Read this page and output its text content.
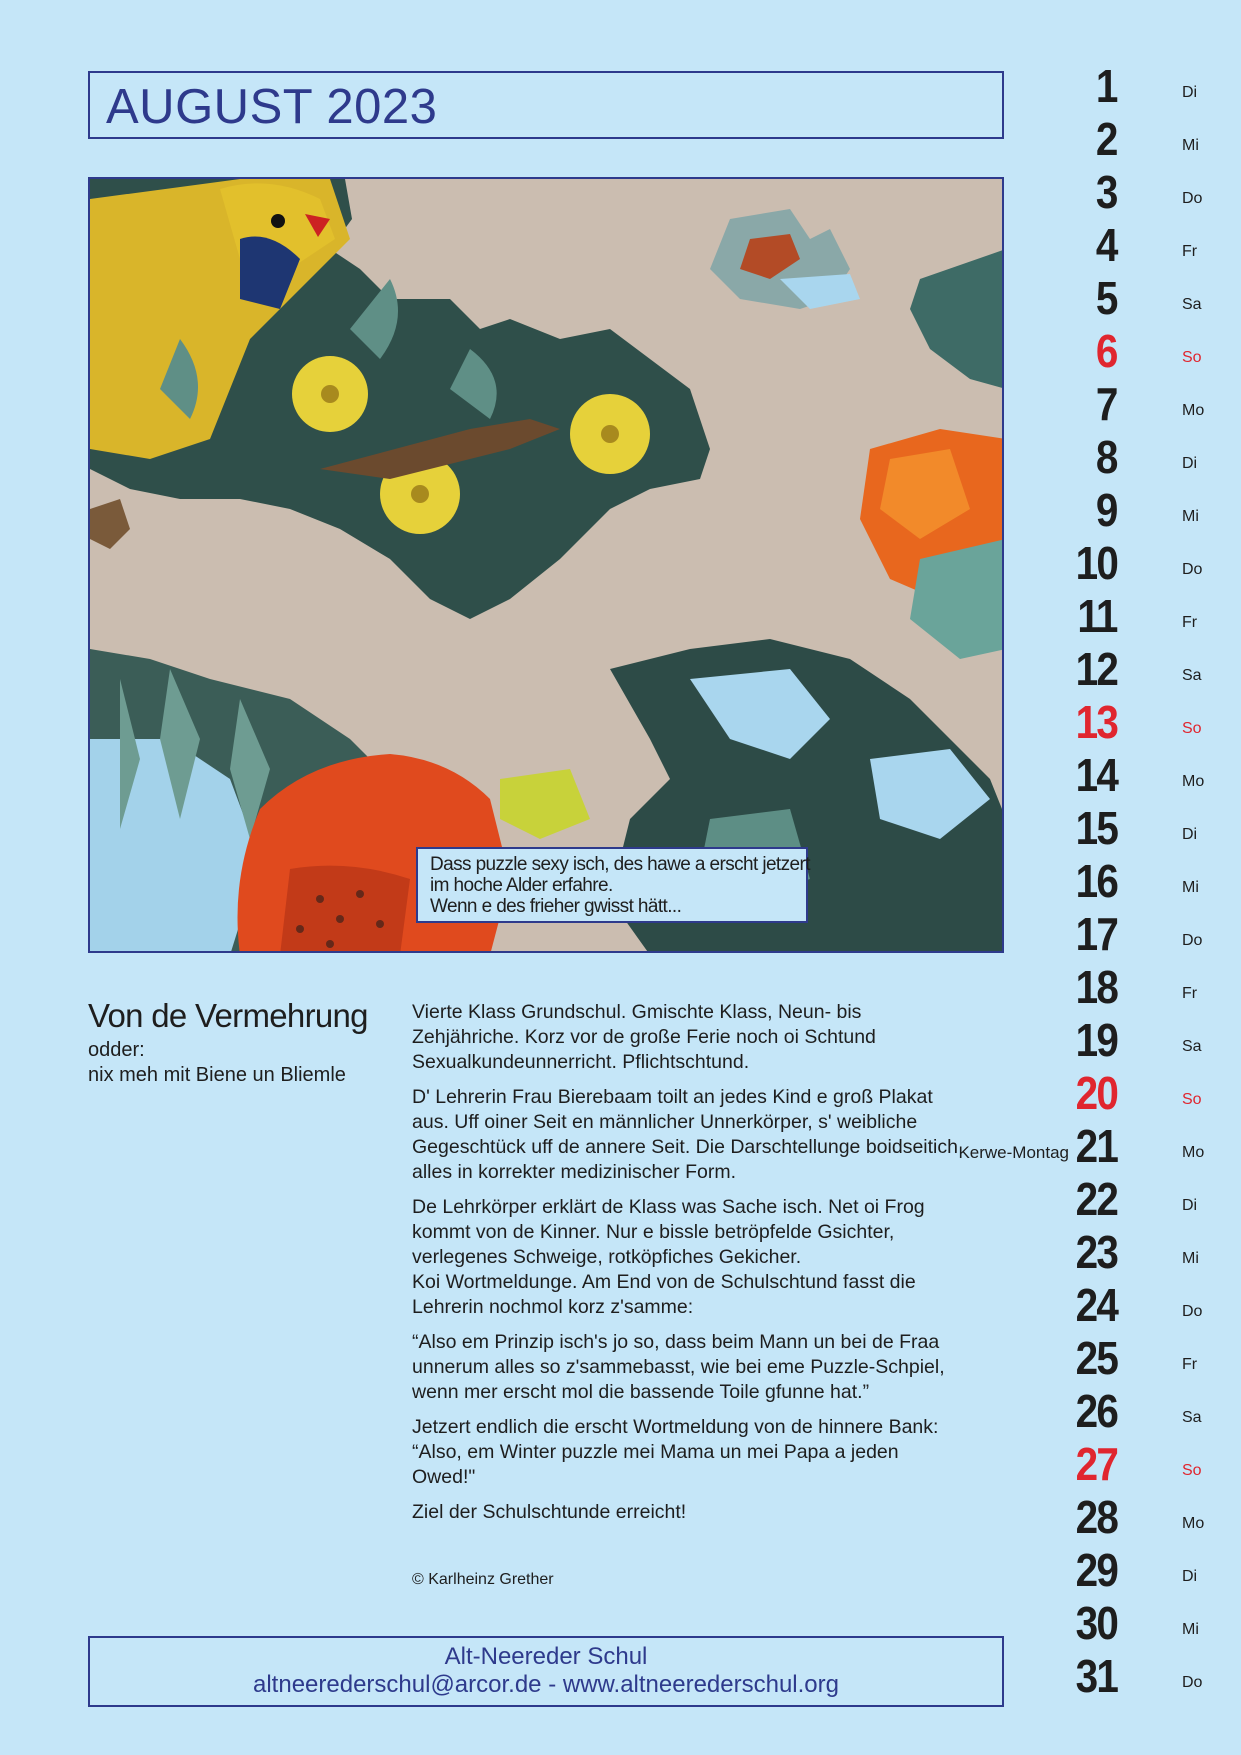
AUGUST 2023
Dass puzzle sexy isch, des hawe a erscht jetzert
im hoche Alder erfahre.
Wenn e des frieher gwisst hätt...
Von de Vermehrung
odder:
nix meh mit Biene un Bliemle

Vierte Klass Grundschul. Gmischte Klass, Neun- bis
Zehjähriche. Korz vor de große Ferie noch oi Schtund
Sexualkundeunnerricht. Pflichtschtund.

D' Lehrerin Frau Bierebaam toilt an jedes Kind e groß Plakat
aus. Uff oiner Seit en männlicher Unnerkörper, s' weibliche
Gegeschtück uff de annere Seit. Die Darschtellunge boidseitich
alles in korrekter medizinischer Form.

De Lehrkörper erklärt de Klass was Sache isch. Net oi Frog
kommt von de Kinner. Nur e bissle betröpfelde Gsichter,
verlegenes Schweige, rotköpfiches Gekicher.
Koi Wortmeldunge. Am End von de Schulschtund fasst die
Lehrerin nochmol korz z'samme:

“Also em Prinzip isch's jo so, dass beim Mann un bei de Fraa
unnerum alles so z'sammebasst, wie bei eme Puzzle-Schpiel,
wenn mer erscht mol die bassende Toile gfunne hat.”

Jetzert endlich die erscht Wortmeldung von de hinnere Bank:
“Also, em Winter puzzle mei Mama un mei Papa a jeden
Owed!"

Ziel der Schulschtunde erreicht!

© Karlheinz Grether
Alt-Neereder Schul
altneerederschul@arcor.de - www.altneerederschul.org
1	Di
2	Mi
3	Do
4	Fr
5	Sa
6	So
7	Mo
8	Di
9	Mi
10	Do
11	Fr
12	Sa
13	So
14	Mo
15	Di
16	Mi
17	Do
18	Fr
19	Sa
20	So
21	Mo
Kerwe-Montag
22	Di
23	Mi
24	Do
25	Fr
26	Sa
27	So
28	Mo
29	Di
30	Mi
31	Do
